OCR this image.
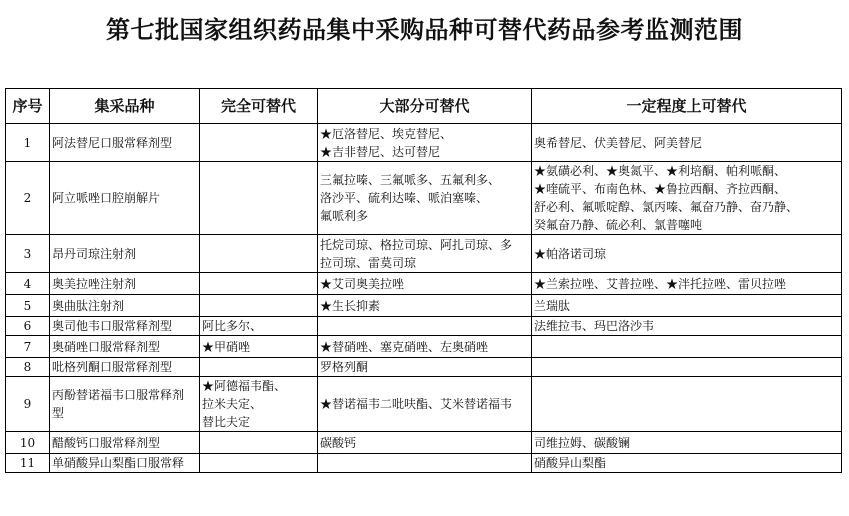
第七批国家组织药品集中采购品种可替代药品参考监测范围
序号	集采品种	完全可替代	大部分可替代	一定程度上可替代

1	阿法替尼口服常释剂型		★厄洛替尼、埃克替尼、
★吉非替尼、达可替尼	奥希替尼、伏美替尼、阿美替尼

2	阿立哌唑口腔崩解片		三氟拉嗪、三氟哌多、五氟利多、
洛沙平、硫利达嗪、哌泊塞嗪、
氟哌利多	★氨磺必利、★奥氮平、★利培酮、帕利哌酮、
★喹硫平、布南色林、★鲁拉西酮、齐拉西酮、
舒必利、氟哌啶醇、氯丙嗪、氟奋乃静、奋乃静、
癸氟奋乃静、硫必利、氯普噻吨

3	昂丹司琼注射剂		托烷司琼、格拉司琼、阿扎司琼、多
拉司琼、雷莫司琼	★帕洛诺司琼

4	奥美拉唑注射剂		★艾司奥美拉唑	★兰索拉唑、艾普拉唑、★泮托拉唑、雷贝拉唑

5	奥曲肽注射剂		★生长抑素	兰瑞肽

6	奥司他韦口服常释剂型	阿比多尔、		法维拉韦、玛巴洛沙韦

7	奥硝唑口服常释剂型	★甲硝唑	★替硝唑、塞克硝唑、左奥硝唑	

8	吡格列酮口服常释剂型		罗格列酮	

9	丙酚替诺福韦口服常释剂
型	★阿德福韦酯、
拉米夫定、
替比夫定	★替诺福韦二吡呋酯、艾米替诺福韦	

10	醋酸钙口服常释剂型		碳酸钙	司维拉姆、碳酸镧

11	单硝酸异山梨酯口服常释			硝酸异山梨酯
